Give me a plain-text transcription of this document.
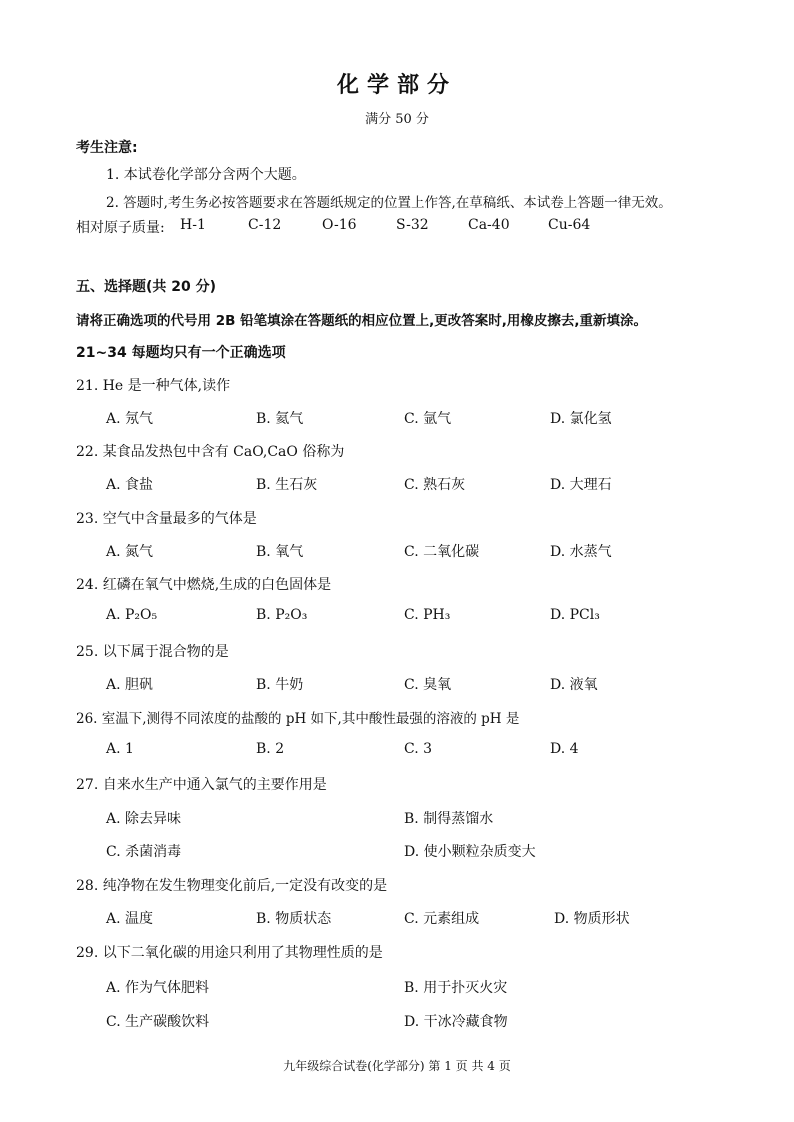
化学部分
满分 50 分
考生注意:
1. 本试卷化学部分含两个大题。
2. 答题时,考生务必按答题要求在答题纸规定的位置上作答,在草稿纸、本试卷上答题一律无效。
相对原子质量: H-1	C-12	O-16	S-32	Ca-40	Cu-64
五、选择题(共 20 分)
请将正确选项的代号用 2B 铅笔填涂在答题纸的相应位置上,更改答案时,用橡皮擦去,重新填涂。
21~34 每题均只有一个正确选项
21. He 是一种气体,读作
A. 氖气	B. 氦气	C. 氩气	D. 氯化氢
22. 某食品发热包中含有 CaO,CaO 俗称为
A. 食盐	B. 生石灰	C. 熟石灰	D. 大理石
23. 空气中含量最多的气体是
A. 氮气	B. 氧气	C. 二氧化碳	D. 水蒸气
24. 红磷在氧气中燃烧,生成的白色固体是
A. P₂O₅	B. P₂O₃	C. PH₃	D. PCl₃
25. 以下属于混合物的是
A. 胆矾	B. 牛奶	C. 臭氧	D. 液氧
26. 室温下,测得不同浓度的盐酸的 pH 如下,其中酸性最强的溶液的 pH 是
A. 1	B. 2	C. 3	D. 4
27. 自来水生产中通入氯气的主要作用是
A. 除去异味	B. 制得蒸馏水
C. 杀菌消毒	D. 使小颗粒杂质变大
28. 纯净物在发生物理变化前后,一定没有改变的是
A. 温度	B. 物质状态	C. 元素组成	D. 物质形状
29. 以下二氧化碳的用途只利用了其物理性质的是
A. 作为气体肥料	B. 用于扑灭火灾
C. 生产碳酸饮料	D. 干冰冷藏食物
九年级综合试卷(化学部分) 第 1 页 共 4 页
